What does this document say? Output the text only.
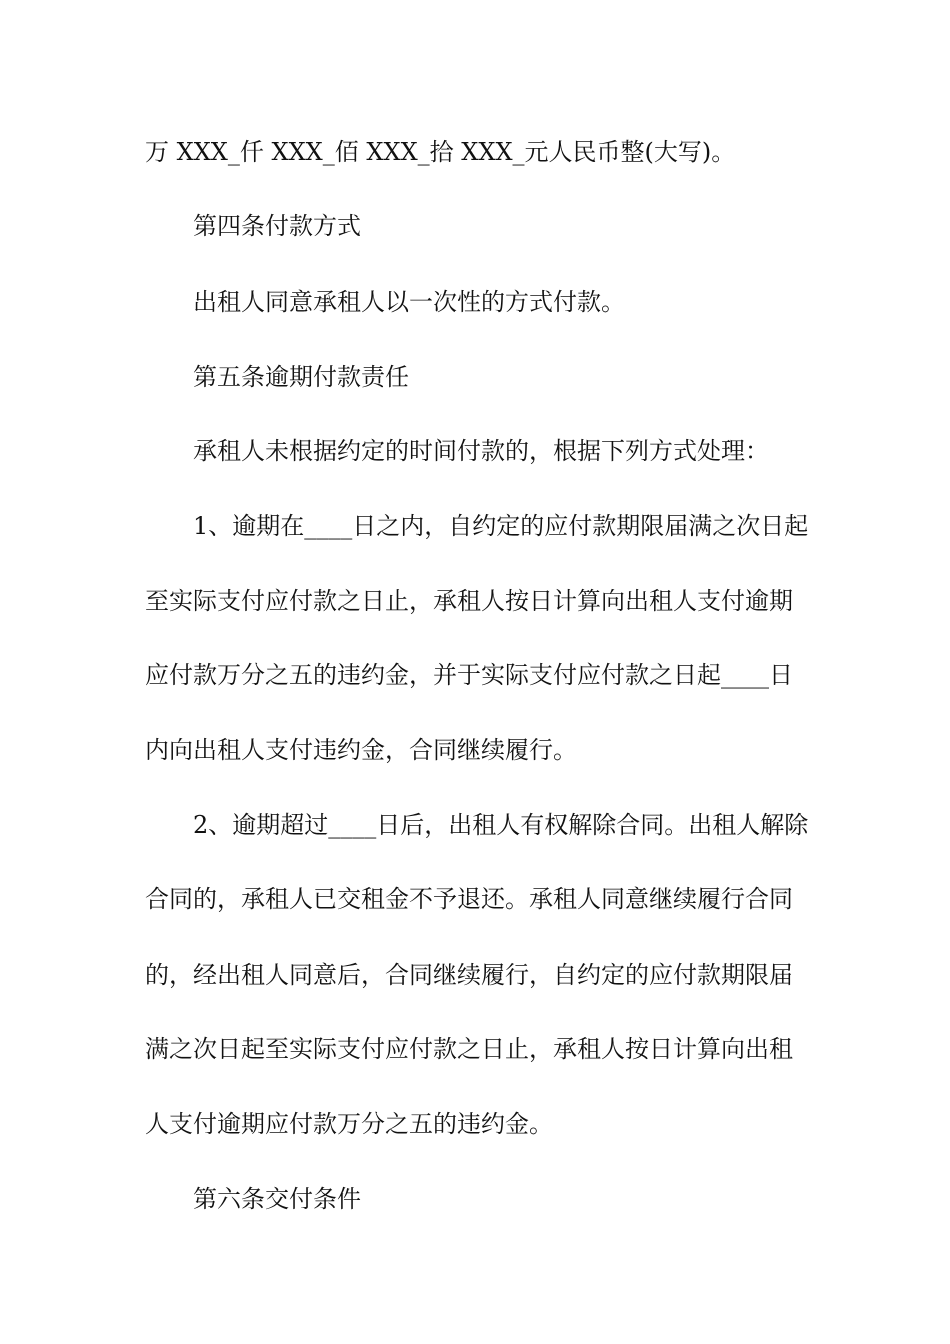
万 XXX_仟 XXX_佰 XXX_拾 XXX_元人民币整(大写)。
第四条付款方式
出租人同意承租人以一次性的方式付款。
第五条逾期付款责任
承租人未根据约定的时间付款的，根据下列方式处理：
1、逾期在____日之内，自约定的应付款期限届满之次日起
至实际支付应付款之日止，承租人按日计算向出租人支付逾期
应付款万分之五的违约金，并于实际支付应付款之日起____日
内向出租人支付违约金，合同继续履行。
2、逾期超过____日后，出租人有权解除合同。出租人解除
合同的，承租人已交租金不予退还。承租人同意继续履行合同
的，经出租人同意后，合同继续履行，自约定的应付款期限届
满之次日起至实际支付应付款之日止，承租人按日计算向出租
人支付逾期应付款万分之五的违约金。
第六条交付条件
